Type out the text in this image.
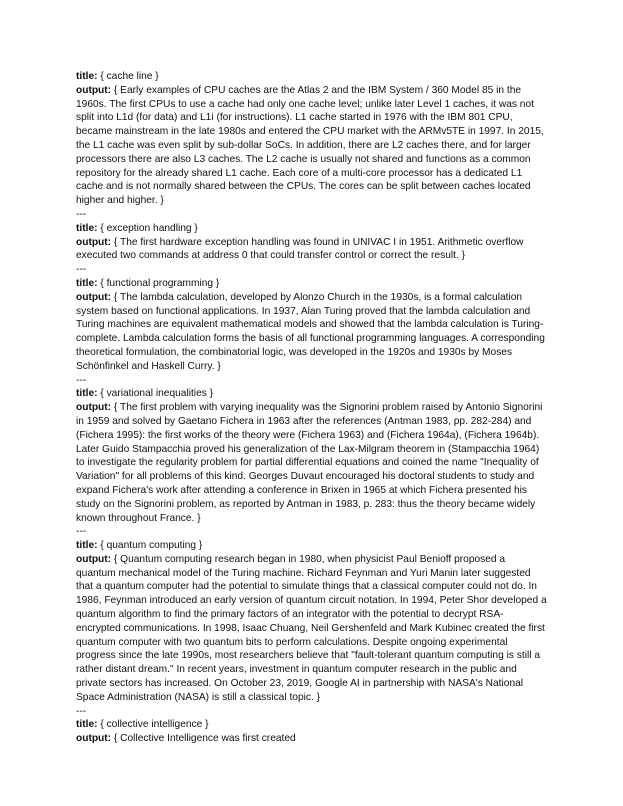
title: { cache line }

output: { Early examples of CPU caches are the Atlas 2 and the IBM System / 360 Model 85 in the 1960s. The first CPUs to use a cache had only one cache level; unlike later Level 1 caches, it was not split into L1d (for data) and L1i (for instructions). L1 cache started in 1976 with the IBM 801 CPU, became mainstream in the late 1980s and entered the CPU market with the ARMv5TE in 1997. In 2015, the L1 cache was even split by sub-dollar SoCs. In addition, there are L2 caches there, and for larger processors there are also L3 caches. The L2 cache is usually not shared and functions as a common repository for the already shared L1 cache. Each core of a multi-core processor has a dedicated L1 cache and is not normally shared between the CPUs. The cores can be split between caches located higher and higher. }

---

title: { exception handling }

output: { The first hardware exception handling was found in UNIVAC I in 1951. Arithmetic overflow executed two commands at address 0 that could transfer control or correct the result. }

---

title: { functional programming }

output: { The lambda calculation, developed by Alonzo Church in the 1930s, is a formal calculation system based on functional applications. In 1937, Alan Turing proved that the lambda calculation and Turing machines are equivalent mathematical models and showed that the lambda calculation is Turing-complete. Lambda calculation forms the basis of all functional programming languages. A corresponding theoretical formulation, the combinatorial logic, was developed in the 1920s and 1930s by Moses Schönfinkel and Haskell Curry. }

---

title: { variational inequalities }

output: { The first problem with varying inequality was the Signorini problem raised by Antonio Signorini in 1959 and solved by Gaetano Fichera in 1963 after the references (Antman 1983, pp. 282-284) and (Fichera 1995): the first works of the theory were (Fichera 1963) and (Fichera 1964a), (Fichera 1964b). Later Guido Stampacchia proved his generalization of the Lax-Milgram theorem in (Stampacchia 1964) to investigate the regularity problem for partial differential equations and coined the name "Inequality of Variation" for all problems of this kind. Georges Duvaut encouraged his doctoral students to study and expand Fichera's work after attending a conference in Brixen in 1965 at which Fichera presented his study on the Signorini problem, as reported by Antman in 1983, p. 283: thus the theory became widely known throughout France. }

---

title: { quantum computing }

output: { Quantum computing research began in 1980, when physicist Paul Benioff proposed a quantum mechanical model of the Turing machine. Richard Feynman and Yuri Manin later suggested that a quantum computer had the potential to simulate things that a classical computer could not do. In 1986, Feynman introduced an early version of quantum circuit notation. In 1994, Peter Shor developed a quantum algorithm to find the primary factors of an integrator with the potential to decrypt RSA-encrypted communications. In 1998, Isaac Chuang, Neil Gershenfeld and Mark Kubinec created the first quantum computer with two quantum bits to perform calculations. Despite ongoing experimental progress since the late 1990s, most researchers believe that "fault-tolerant quantum computing is still a rather distant dream." In recent years, investment in quantum computer research in the public and private sectors has increased. On October 23, 2019, Google AI in partnership with NASA's National Space Administration (NASA) is still a classical topic. }

---

title: { collective intelligence }

output: { Collective Intelligence was first created
